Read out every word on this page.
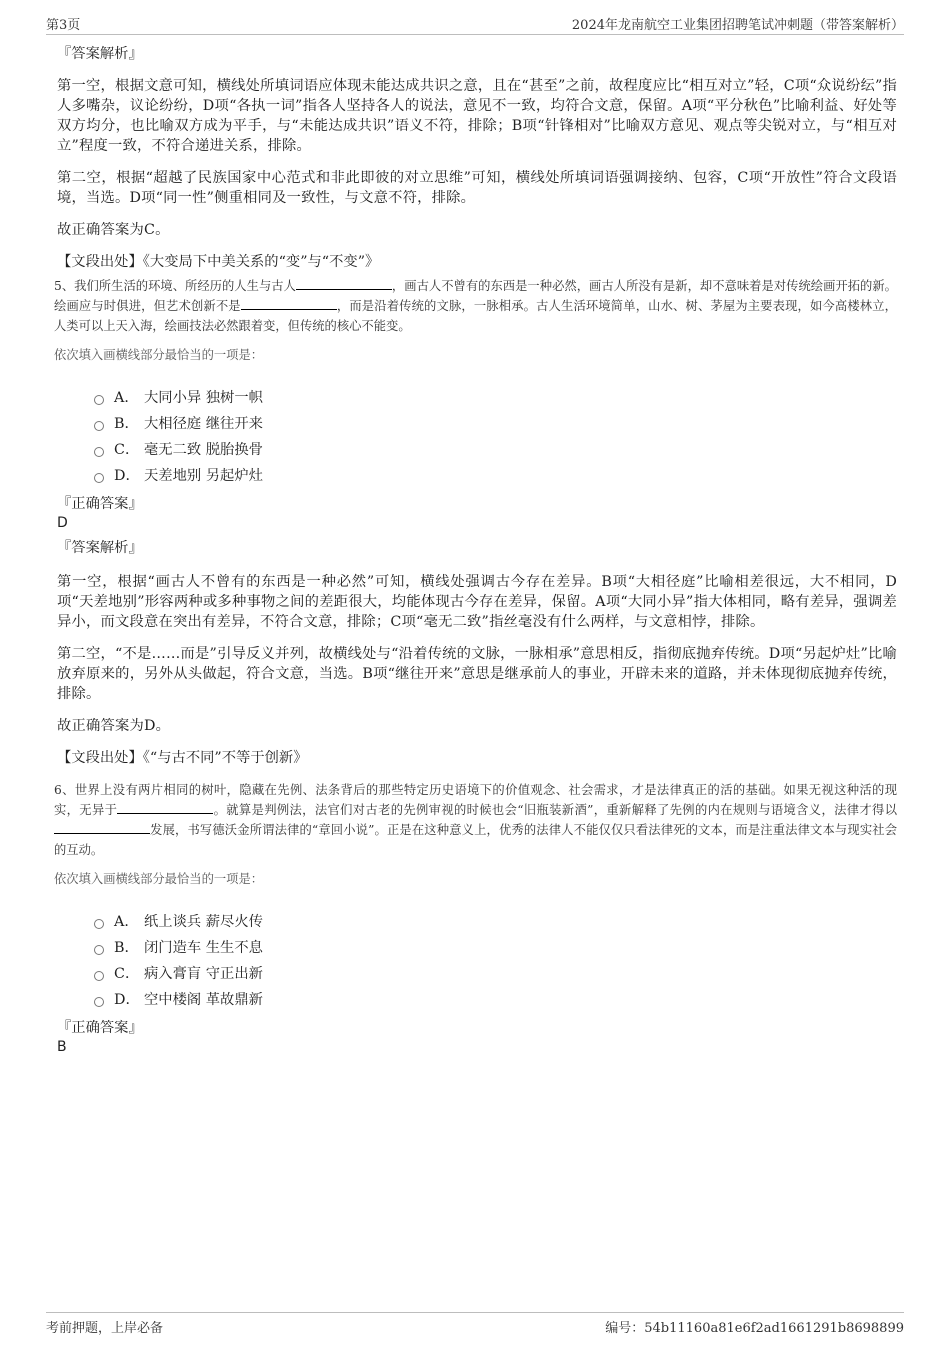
第3页	2024年龙南航空工业集团招聘笔试冲刺题（带答案解析）
『答案解析』

第一空，根据文意可知，横线处所填词语应体现未能达成共识之意，且在“甚至”之前，故程度应比“相互对立”轻，C项“众说纷纭”指人多嘴杂，议论纷纷，D项“各执一词”指各人坚持各人的说法，意见不一致，均符合文意，保留。A项“平分秋色”比喻利益、好处等双方均分，也比喻双方成为平手，与“未能达成共识”语义不符，排除；B项“针锋相对”比喻双方意见、观点等尖锐对立，与“相互对立”程度一致，不符合递进关系，排除。

第二空，根据“超越了民族国家中心范式和非此即彼的对立思维”可知，横线处所填词语强调接纳、包容，C项“开放性”符合文段语境，当选。D项“同一性”侧重相同及一致性，与文意不符，排除。

故正确答案为C。

【文段出处】《大变局下中美关系的“变”与“不变”》

5、我们所生活的环境、所经历的人生与古人	，画古人不曾有的东西是一种必然，画古人所没有是新，却不意味着是对传统绘画开拓的新。绘画应与时俱进，但艺术创新不是	，而是沿着传统的文脉，一脉相承。古人生活环境简单，山水、树、茅屋为主要表现，如今高楼林立，人类可以上天入海，绘画技法必然跟着变，但传统的核心不能变。

依次填入画横线部分最恰当的一项是：
A． 大同小异 独树一帜
B． 大相径庭 继往开来
C． 毫无二致 脱胎换骨
D． 天差地别 另起炉灶
『正确答案』
D
『答案解析』

第一空，根据“画古人不曾有的东西是一种必然”可知，横线处强调古今存在差异。B项“大相径庭”比喻相差很远，大不相同，D项“天差地别”形容两种或多种事物之间的差距很大，均能体现古今存在差异，保留。A项“大同小异”指大体相同，略有差异，强调差异小，而文段意在突出有差异，不符合文意，排除；C项“毫无二致”指丝毫没有什么两样，与文意相悖，排除。

第二空，“不是……而是”引导反义并列，故横线处与“沿着传统的文脉，一脉相承”意思相反，指彻底抛弃传统。D项“另起炉灶”比喻放弃原来的，另外从头做起，符合文意，当选。B项“继往开来”意思是继承前人的事业，开辟未来的道路，并未体现彻底抛弃传统，排除。

故正确答案为D。

【文段出处】《“与古不同”不等于创新》

6、世界上没有两片相同的树叶，隐藏在先例、法条背后的那些特定历史语境下的价值观念、社会需求，才是法律真正的活的基础。如果无视这种活的现实，无异于	。就算是判例法，法官们对古老的先例审视的时候也会“旧瓶装新酒”，重新解释了先例的内在规则与语境含义，法律才得以发展，书写德沃金所谓法律的“章回小说”。正是在这种意义上，优秀的法律人不能仅仅只看法律死的文本，而是注重法律文本与现实社会的互动。

依次填入画横线部分最恰当的一项是：
A． 纸上谈兵 薪尽火传
B． 闭门造车 生生不息
C． 病入膏肓 守正出新
D． 空中楼阁 革故鼎新
『正确答案』
B
考前押题，上岸必备	编号：54b11160a81e6f2ad1661291b8698899
